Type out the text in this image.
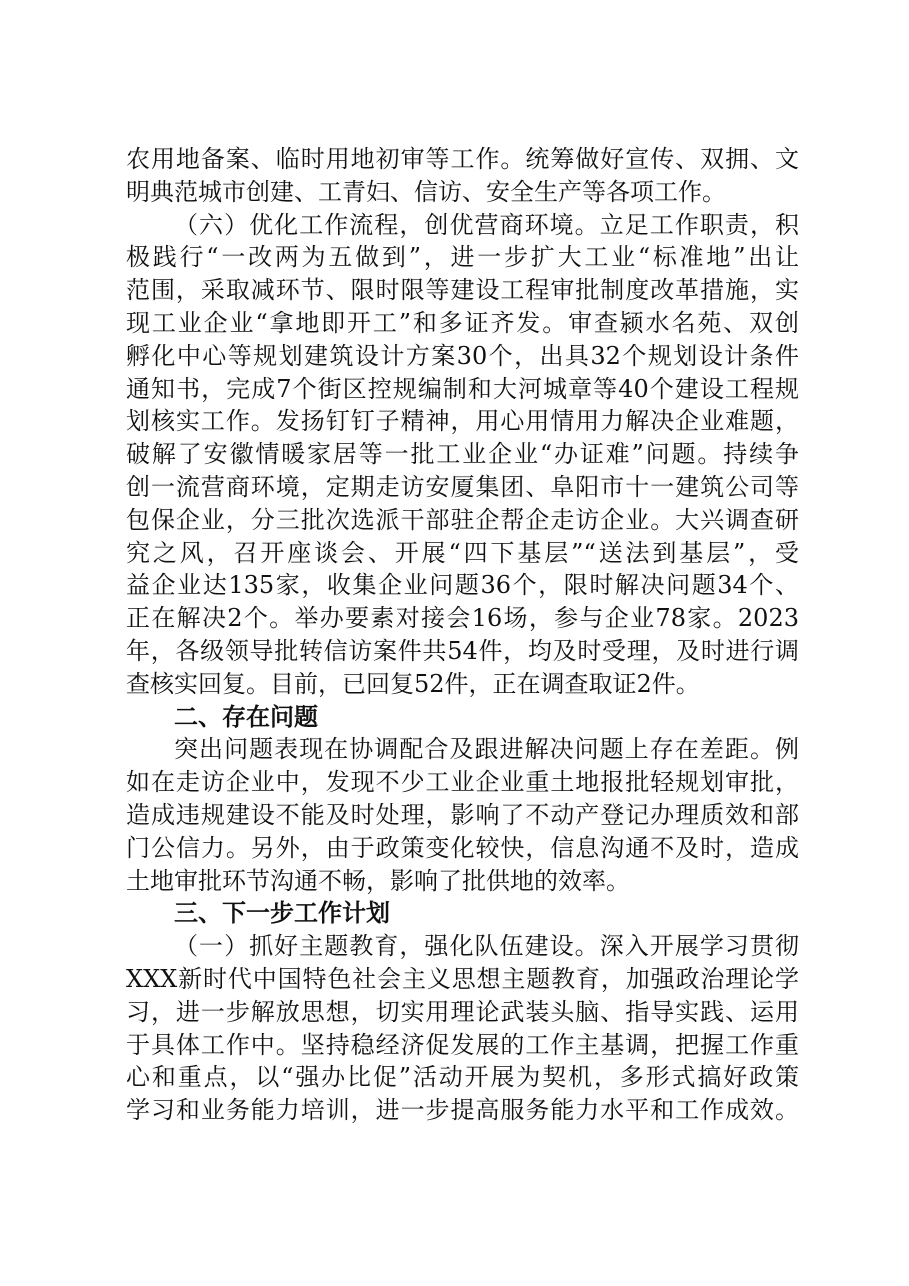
农用地备案、临时用地初审等工作。统筹做好宣传、双拥、文
明典范城市创建、工青妇、信访、安全生产等各项工作。
（六）优化工作流程，创优营商环境。立足工作职责，积
极践行“一改两为五做到”，进一步扩大工业“标准地”出让
范围，采取减环节、限时限等建设工程审批制度改革措施，实
现工业企业“拿地即开工”和多证齐发。审查颍水名苑、双创
孵化中心等规划建筑设计方案30个，出具32个规划设计条件
通知书，完成7个街区控规编制和大河城章等40个建设工程规
划核实工作。发扬钉钉子精神，用心用情用力解决企业难题，
破解了安徽情暖家居等一批工业企业“办证难”问题。持续争
创一流营商环境，定期走访安厦集团、阜阳市十一建筑公司等
包保企业，分三批次选派干部驻企帮企走访企业。大兴调查研
究之风，召开座谈会、开展“四下基层”“送法到基层”，受
益企业达135家，收集企业问题36个，限时解决问题34个、
正在解决2个。举办要素对接会16场，参与企业78家。2023
年，各级领导批转信访案件共54件，均及时受理，及时进行调
查核实回复。目前，已回复52件，正在调查取证2件。
二、存在问题
突出问题表现在协调配合及跟进解决问题上存在差距。例
如在走访企业中，发现不少工业企业重土地报批轻规划审批，
造成违规建设不能及时处理，影响了不动产登记办理质效和部
门公信力。另外，由于政策变化较快，信息沟通不及时，造成
土地审批环节沟通不畅，影响了批供地的效率。
三、下一步工作计划
（一）抓好主题教育，强化队伍建设。深入开展学习贯彻
XXX新时代中国特色社会主义思想主题教育，加强政治理论学
习，进一步解放思想，切实用理论武装头脑、指导实践、运用
于具体工作中。坚持稳经济促发展的工作主基调，把握工作重
心和重点，以“强办比促”活动开展为契机，多形式搞好政策
学习和业务能力培训，进一步提高服务能力水平和工作成效。
